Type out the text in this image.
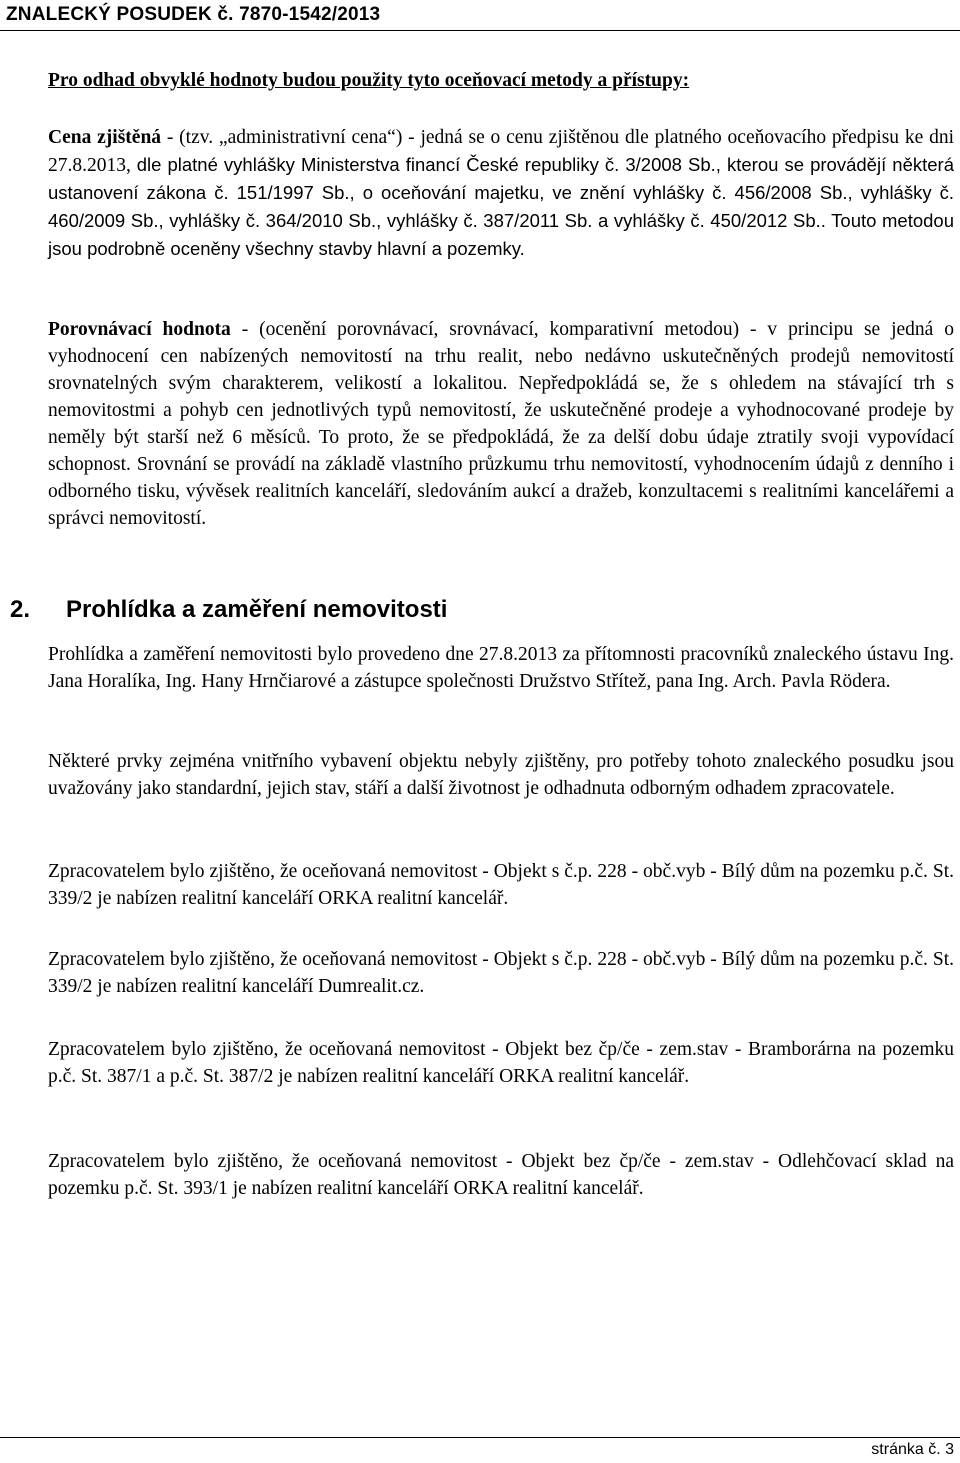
ZNALECKÝ POSUDEK č. 7870-1542/2013
Pro odhad obvyklé hodnoty budou použity tyto oceňovací metody a přístupy:
Cena zjištěná - (tzv. „administrativní cena“) - jedná se o cenu zjištěnou dle platného oceňovacího předpisu ke dni 27.8.2013, dle platné vyhlášky Ministerstva financí České republiky č. 3/2008 Sb., kterou se provádějí některá ustanovení zákona č. 151/1997 Sb., o oceňování majetku, ve znění vyhlášky č. 456/2008 Sb., vyhlášky č. 460/2009 Sb., vyhlášky č. 364/2010 Sb., vyhlášky č. 387/2011 Sb. a vyhlášky č. 450/2012 Sb.. Touto metodou jsou podrobně oceněny všechny stavby hlavní a pozemky.
Porovnávací hodnota - (ocenění porovnávací, srovnávací, komparativní metodou) - v principu se jedná o vyhodnocení cen nabízených nemovitostí na trhu realit, nebo nedávno uskutečněných prodejů nemovitostí srovnatelných svým charakterem, velikostí a lokalitou. Nepředpokládá se, že s ohledem na stávající trh s nemovitostmi a pohyb cen jednotlivých typů nemovitostí, že uskutečněné prodeje a vyhodnocované prodeje by neměly být starší než 6 měsíců. To proto, že se předpokládá, že za delší dobu údaje ztratily svoji vypovídací schopnost. Srovnání se provádí na základě vlastního průzkumu trhu nemovitostí, vyhodnocením údajů z denního i odborného tisku, vývěsek realitních kanceláří, sledováním aukcí a dražeb, konzultacemi s realitními kancelářemi a správci nemovitostí.
2. Prohlídka a zaměření nemovitosti
Prohlídka a zaměření nemovitosti bylo provedeno dne 27.8.2013 za přítomnosti pracovníků znaleckého ústavu Ing. Jana Horalíka, Ing. Hany Hrnčiarové a zástupce společnosti Družstvo Střítež, pana Ing. Arch. Pavla Rödera.
Některé prvky zejména vnitřního vybavení objektu nebyly zjištěny, pro potřeby tohoto znaleckého posudku jsou uvažovány jako standardní, jejich stav, stáří a další životnost je odhadnuta odborným odhadem zpracovatele.
Zpracovatelem bylo zjištěno, že oceňovaná nemovitost - Objekt s č.p. 228 - obč.vyb - Bílý dům na pozemku p.č. St. 339/2 je nabízen realitní kanceláří ORKA realitní kancelář.
Zpracovatelem bylo zjištěno, že oceňovaná nemovitost - Objekt s č.p. 228 - obč.vyb - Bílý dům na pozemku p.č. St. 339/2 je nabízen realitní kanceláří Dumrealit.cz.
Zpracovatelem bylo zjištěno, že oceňovaná nemovitost - Objekt bez čp/če - zem.stav - Bramborárna na pozemku p.č. St. 387/1 a p.č. St. 387/2 je nabízen realitní kanceláří ORKA realitní kancelář.
Zpracovatelem bylo zjištěno, že oceňovaná nemovitost - Objekt bez čp/če - zem.stav - Odlehčovací sklad na pozemku p.č. St. 393/1 je nabízen realitní kanceláří ORKA realitní kancelář.
stránka č. 3
